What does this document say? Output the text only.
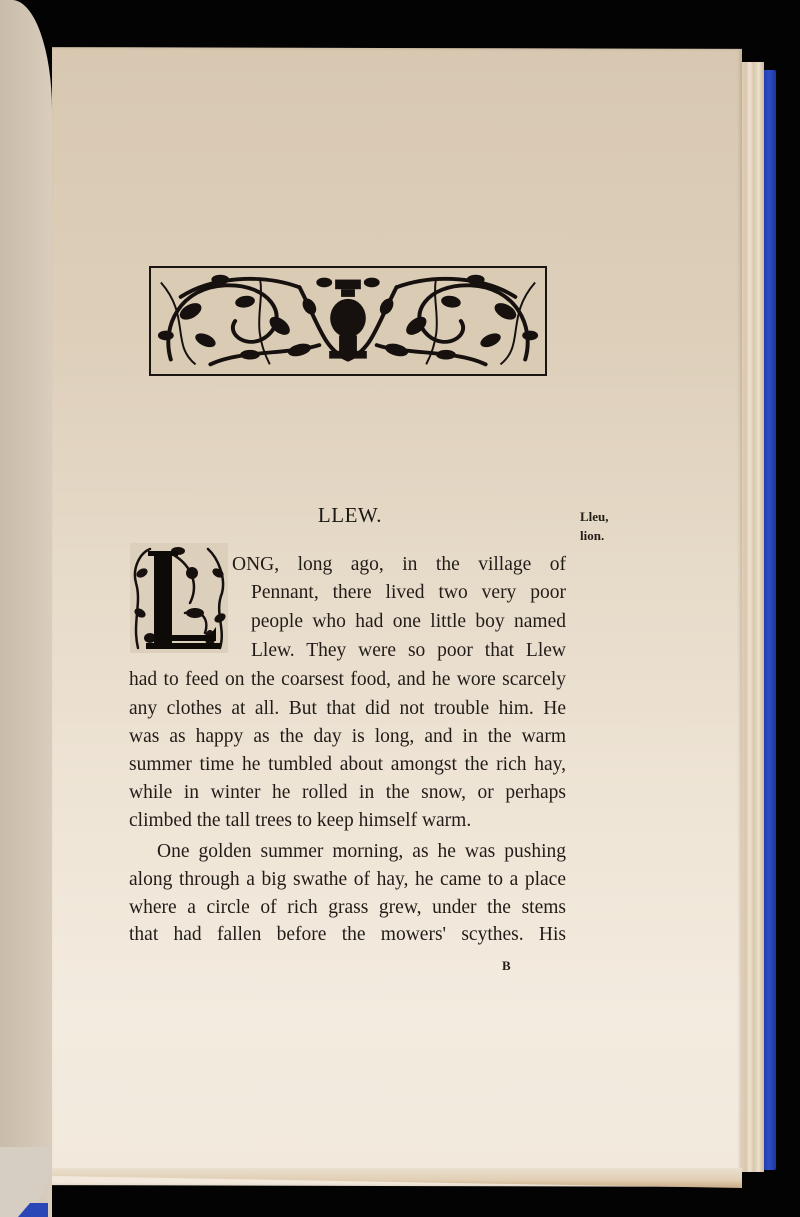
LLEW.	Lleu,
lion.
ONG, long ago, in the village of
Pennant, there lived two very poor
people who had one little boy named
Llew. They were so poor that Llew
had to feed on the coarsest food, and he wore scarcely
any clothes at all. But that did not trouble him. He
was as happy as the day is long, and in the warm
summer time he tumbled about amongst the rich hay,
while in winter he rolled in the snow, or perhaps
climbed the tall trees to keep himself warm.
One golden summer morning, as he was pushing
along through a big swathe of hay, he came to a place
where a circle of rich grass grew, under the stems
that had fallen before the mowers' scythes. His
B
